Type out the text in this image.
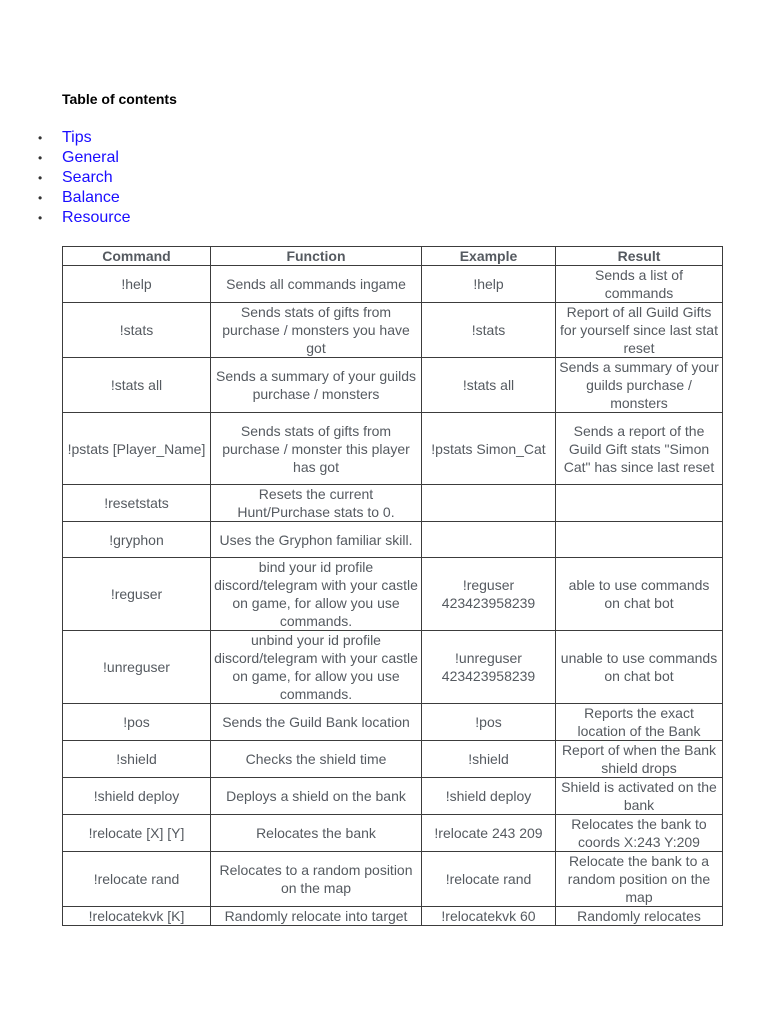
Table of contents
• Tips
• General
• Search
• Balance
• Resource
Command	Function	Example	Result
!help	Sends all commands ingame	!help	Sends a list of commands
!stats	Sends stats of gifts from purchase / monsters you have got	!stats	Report of all Guild Gifts for yourself since last stat reset
!stats all	Sends a summary of your guilds purchase / monsters	!stats all	Sends a summary of your guilds purchase / monsters
!pstats [Player_Name]	Sends stats of gifts from purchase / monster this player has got	!pstats Simon_Cat	Sends a report of the Guild Gift stats "Simon Cat" has since last reset
!resetstats	Resets the current Hunt/Purchase stats to 0.		
!gryphon	Uses the Gryphon familiar skill.		
!reguser	bind your id profile discord/telegram with your castle on game, for allow you use commands.	!reguser 423423958239	able to use commands on chat bot
!unreguser	unbind your id profile discord/telegram with your castle on game, for allow you use commands.	!unreguser 423423958239	unable to use commands on chat bot
!pos	Sends the Guild Bank location	!pos	Reports the exact location of the Bank
!shield	Checks the shield time	!shield	Report of when the Bank shield drops
!shield deploy	Deploys a shield on the bank	!shield deploy	Shield is activated on the bank
!relocate [X] [Y]	Relocates the bank	!relocate 243 209	Relocates the bank to coords X:243 Y:209
!relocate rand	Relocates to a random position on the map	!relocate rand	Relocate the bank to a random position on the map
!relocatekvk [K]	Randomly relocate into target	!relocatekvk 60	Randomly relocates
